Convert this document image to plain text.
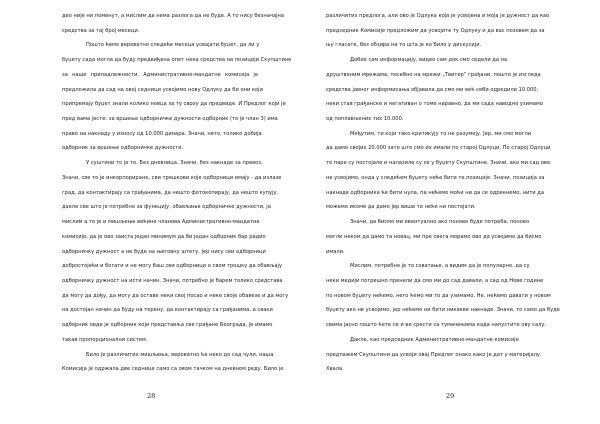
део није ни поменут, а мислим да нема разлога да не буде. А то нису безначајна
средства за тај број месеци.
Пошто ћемо вероватно следеће месеца усвајати буџет, да ли у
буџету сада могла да буду предвиђена опет нека средства на позицији Скупштине
за наше припадлежности, Административно-мандатне комисија је
предложила да сад на овој седници усвојимо нову Одлуку да би они који
припремају буџет знали колико новца за ту сврху да предвиде. И Предлог који је
пред вама јесте: за вршење одборничке дужности одборник (то је члан 3) има
право на накнаду у износу од 10.000 динара. Значи, нето, толико добија
одборник за вршење одборничке дужности.
У суштини то је то. Без дневница. Значи, без накнаде за превоз.
Значи, све то је инкорпорирано, сви трошкови које одборници имају - да излазе
град, да контактирају са грађанима, да нешто фотокопирају, да нешто купују,
дакле све што је потребно за функцију, обављање одборничке дужности, ја
мислим а то је и мишљење већине чланова Административно-мандатне
комисије, да је ово заиста један минимум да би један одборник бар радио
одборничку дужност а не буде на његовну штету, јер нису сви одборници
добростојећи и богати и не могу баш сви одборници о свом трошку да обављају
одборничку дужност на исти начин. Значи, потребно је барем толико средстава
да могу да дођу, да могу да оставе неки свој посао и неке своје обавезе и да могу
на достојан начин да буду на терену, да контактирају са грађанима, а сваки
одборник овде је одборник који представља све грађане Београда, је имамо
такав пропорционални систем.
Било је различитих мишљења, вероватно ће неко до сад чули, наша
Комисија је одржала две седнице само са овом тачком на дневном реду. Било је
28
различитих предлога, али ово је Одлука која је усвојена и моја је дужност да као
председник Комисије предложим да усвојите ту Одлуку и да вас позовем да за
њу гласате, без обзира на то шта је ко било у дискусији.
Добио сам информацију, видео сам док смо седели да на
друштвеним мрежама, посебно на мрежи „Твитер“ грађани, пошто је изгледа
средства јавног информисања објавила да смо ми већ себи одредили 10.000,
неки став грађанске и негативан о томе наравно, да ми сада наводно узимамо
од поплављених тих 10.000.
Међутим, ти који тако критикују то не разумеју. Јер, ми смо могли
да дамо својих 20.000 зато што смо их имали по старој Одлуци. По старој Одлуци
те паре су постојале и налазиле су се у буџету Скупштине. Значи, ако ми сад ово
не усвојимо, онда у следећем буџету неће бити те позиције. Значи, позиција за
накнаде одборника ће бити нула, па нећемо моћи ни да се одрекнемо, нити да
можемо икоме да дамо јер више то неће ни постојати.
Значи, да бисмо ми евентуално ако поново буде потреба, поново
могли неком да дамо та новац, ми пре свега морамо ово да усвојимо да бисмо
имали.
Мислим, потребно је то схватање, а видим да је популарно, да су
неки медији погрешно пренели да смо ми до сад давали, а сад од Нове године
по новом буџету нећемо, него ћемо ми то да узимамо. Не, нећемо давати у новом
буџету ако не усвојимо, јер нећемо ни бити никакве накнаде. Значи, то само да буде
свима јасно пошто ћете се и ви срести са тумачењима када напустите ову салу.
Дакле, као председник Административно-мандатне комисије
предлажем Скупштини да усвоји овај Предлог онако како је дат у материјалу.
Хвала.
29
